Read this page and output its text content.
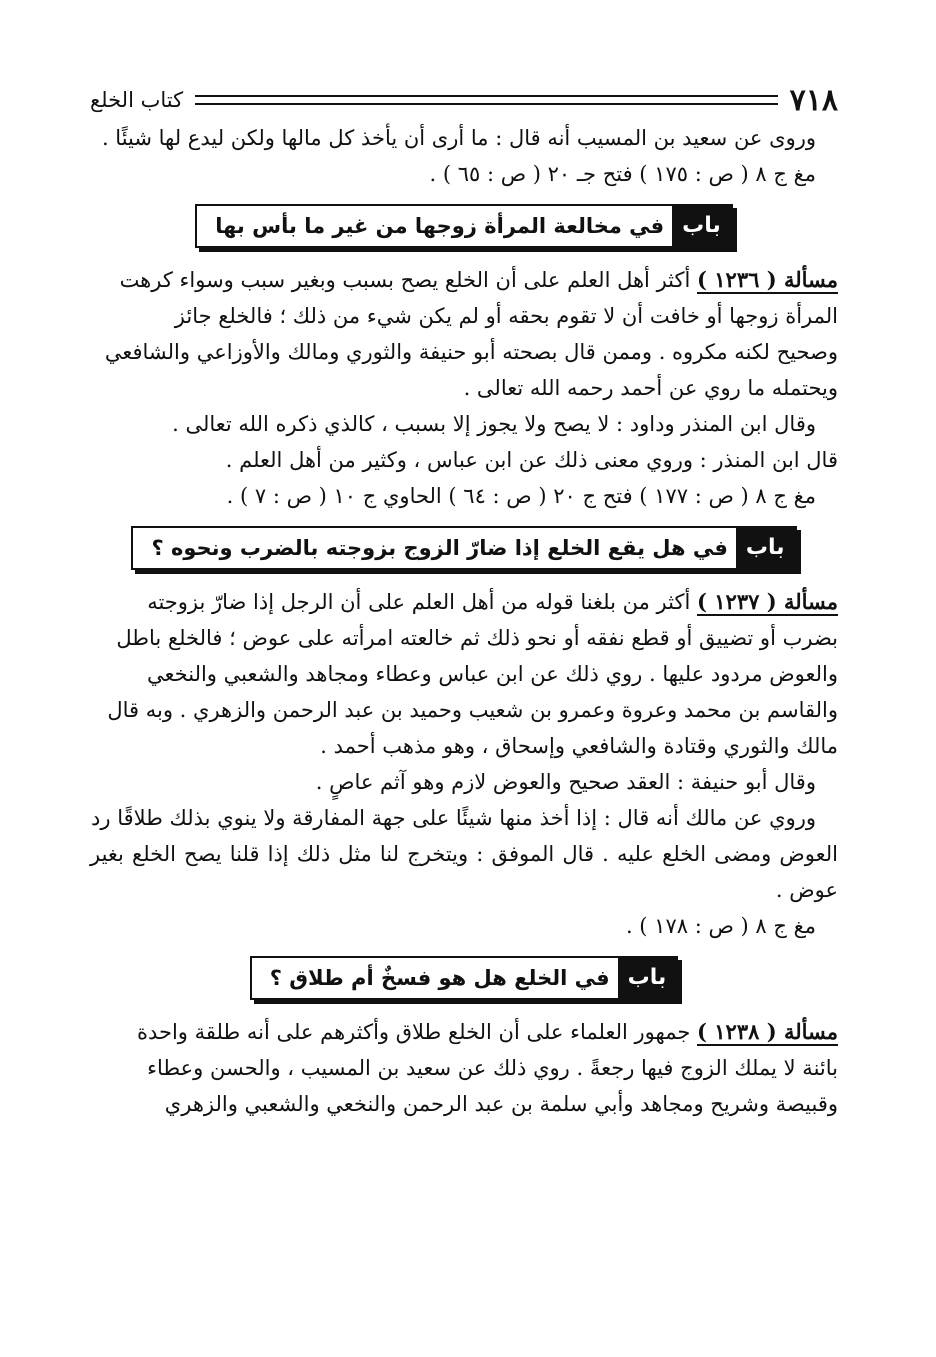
٧١٨
كتاب الخلع

وروى عن سعيد بن المسيب أنه قال : ما أرى أن يأخذ كل مالها ولكن ليدع لها شيئًا .

مغ ج ٨ ( ص : ١٧٥ ) فتح جـ ٢٠ ( ص : ٦٥ ) .

باب
في مخالعة المرأة زوجها من غير ما بأس بها

مسألة ( ١٢٣٦ ) أكثر أهل العلم على أن الخلع يصح بسبب وبغير سبب وسواء كرهت
المرأة زوجها أو خافت أن لا تقوم بحقه أو لم يكن شيء من ذلك ؛ فالخلع جائز
وصحيح لكنه مكروه . وممن قال بصحته أبو حنيفة والثوري ومالك والأوزاعي والشافعي
ويحتمله ما روي عن أحمد رحمه الله تعالى .

وقال ابن المنذر وداود : لا يصح ولا يجوز إلا بسبب ، كالذي ذكره الله تعالى .

قال ابن المنذر : وروي معنى ذلك عن ابن عباس ، وكثير من أهل العلم .

مغ ج ٨ ( ص : ١٧٧ ) فتح ج ٢٠ ( ص : ٦٤ ) الحاوي ج ١٠ ( ص : ٧ ) .

باب
في هل يقع الخلع إذا ضارّ الزوج بزوجته بالضرب ونحوه ؟

مسألة ( ١٢٣٧ ) أكثر من بلغنا قوله من أهل العلم على أن الرجل إذا ضارّ بزوجته
بضرب أو تضييق أو قطع نفقه أو نحو ذلك ثم خالعته امرأته على عوض ؛ فالخلع باطل
والعوض مردود عليها . روي ذلك عن ابن عباس وعطاء ومجاهد والشعبي والنخعي
والقاسم بن محمد وعروة وعمرو بن شعيب وحميد بن عبد الرحمن والزهري . وبه قال
مالك والثوري وقتادة والشافعي وإسحاق ، وهو مذهب أحمد .

وقال أبو حنيفة : العقد صحيح والعوض لازم وهو آثم عاصٍ .

وروي عن مالك أنه قال : إذا أخذ منها شيئًا على جهة المفارقة ولا ينوي بذلك طلاقًا رد
العوض ومضى الخلع عليه . قال الموفق : ويتخرج لنا مثل ذلك إذا قلنا يصح الخلع بغير عوض .

مغ ج ٨ ( ص : ١٧٨ ) .

باب
في الخلع هل هو فسخٌ أم طلاق ؟

مسألة ( ١٢٣٨ ) جمهور العلماء على أن الخلع طلاق وأكثرهم على أنه طلقة واحدة
بائنة لا يملك الزوج فيها رجعةً . روي ذلك عن سعيد بن المسيب ، والحسن وعطاء
وقبيصة وشريح ومجاهد وأبي سلمة بن عبد الرحمن والنخعي والشعبي والزهري
